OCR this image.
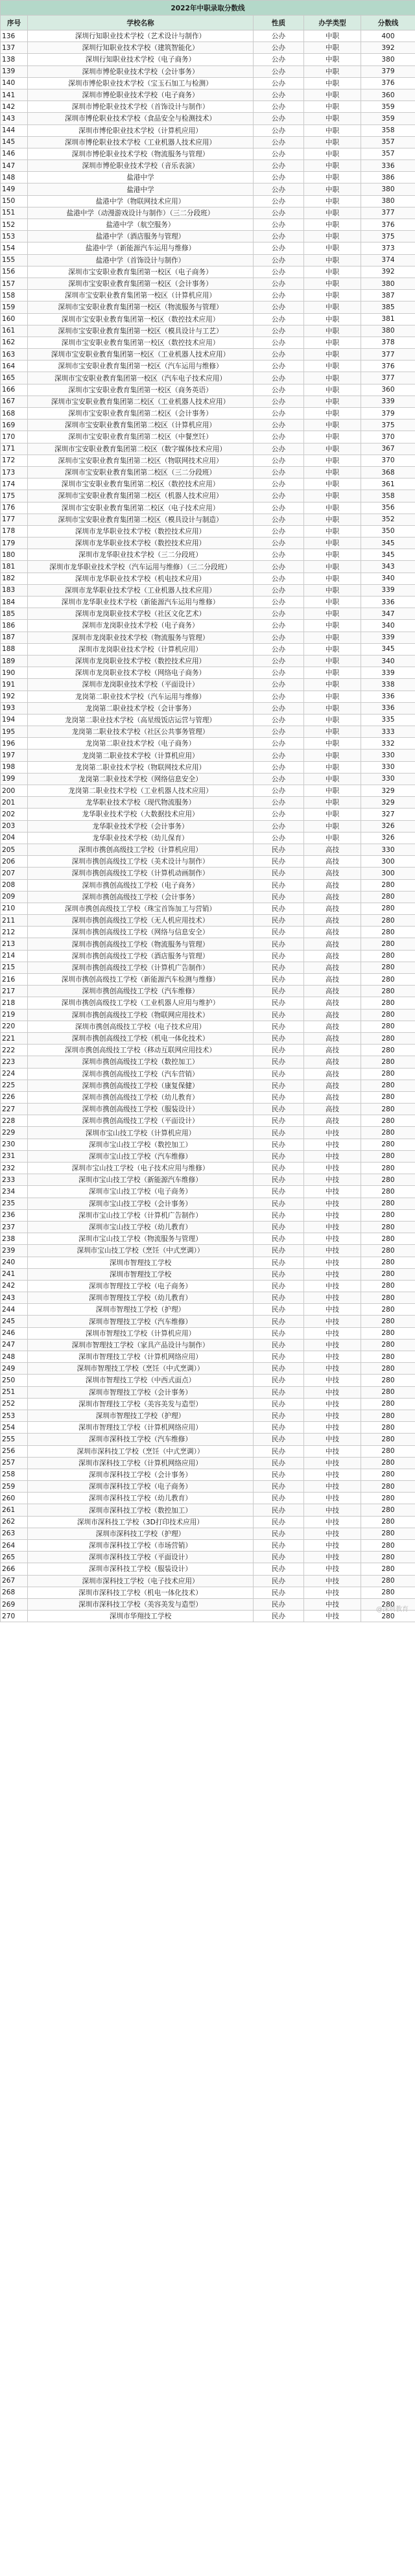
2022年中职录取分数线				
序号	学校名称	性质	办学类型	分数线
136	深圳行知职业技术学校（艺术设计与制作）	公办	中职	400
137	深圳行知职业技术学校（建筑智能化）	公办	中职	392
138	深圳行知职业技术学校（电子商务）	公办	中职	380
139	深圳市博伦职业技术学校（会计事务）	公办	中职	379
140	深圳市博伦职业技术学校（宝玉石加工与检测）	公办	中职	376
141	深圳市博伦职业技术学校（电子商务）	公办	中职	360
142	深圳市博伦职业技术学校（首饰设计与制作）	公办	中职	359
143	深圳市博伦职业技术学校（食品安全与检测技术）	公办	中职	359
144	深圳市博伦职业技术学校（计算机应用）	公办	中职	358
145	深圳市博伦职业技术学校（工业机器人技术应用）	公办	中职	357
146	深圳市博伦职业技术学校（物流服务与管理）	公办	中职	357
147	深圳市博伦职业技术学校（音乐表演）	公办	中职	336
148	盐港中学	公办	中职	386
149	盐港中学	公办	中职	380
150	盐港中学（物联网技术应用）	公办	中职	380
151	盐港中学（动漫游戏设计与制作）（三二分段班）	公办	中职	377
152	盐港中学（航空服务）	公办	中职	376
153	盐港中学（酒店服务与管理）	公办	中职	375
154	盐港中学（新能源汽车运用与维修）	公办	中职	373
155	盐港中学（首饰设计与制作）	公办	中职	374
156	深圳市宝安职业教育集团第一校区（电子商务）	公办	中职	392
157	深圳市宝安职业教育集团第一校区（会计事务）	公办	中职	380
158	深圳市宝安职业教育集团第一校区（计算机应用）	公办	中职	387
159	深圳市宝安职业教育集团第一校区（物流服务与管理）	公办	中职	385
160	深圳市宝安职业教育集团第一校区（数控技术应用）	公办	中职	381
161	深圳市宝安职业教育集团第一校区（模具设计与工艺）	公办	中职	380
162	深圳市宝安职业教育集团第一校区（数控技术应用）	公办	中职	378
163	深圳市宝安职业教育集团第一校区（工业机器人技术应用）	公办	中职	377
164	深圳市宝安职业教育集团第一校区（汽车运用与维修）	公办	中职	376
165	深圳市宝安职业教育集团第一校区（汽车电子技术应用）	公办	中职	377
166	深圳市宝安职业教育集团第一校区（商务英语）	公办	中职	360
167	深圳市宝安职业教育集团第二校区（工业机器人技术应用）	公办	中职	339
168	深圳市宝安职业教育集团第二校区（会计事务）	公办	中职	379
169	深圳市宝安职业教育集团第二校区（计算机应用）	公办	中职	375
170	深圳市宝安职业教育集团第二校区（中餐烹饪）	公办	中职	370
171	深圳市宝安职业教育集团第二校区（数字媒体技术应用）	公办	中职	367
172	深圳市宝安职业教育集团第二校区（物联网技术应用）	公办	中职	370
173	深圳市宝安职业教育集团第二校区（三二分段班）	公办	中职	368
174	深圳市宝安职业教育集团第二校区（数控技术应用）	公办	中职	361
175	深圳市宝安职业教育集团第二校区（机器人技术应用）	公办	中职	358
176	深圳市宝安职业教育集团第二校区（电子技术应用）	公办	中职	356
177	深圳市宝安职业教育集团第二校区（模具设计与制造）	公办	中职	352
178	深圳市龙华职业技术学校（数控技术应用）	公办	中职	350
179	深圳市龙华职业技术学校（数控技术应用）	公办	中职	345
180	深圳市龙华职业技术学校（三二分段班）	公办	中职	345
181	深圳市龙华职业技术学校（汽车运用与维修）（三二分段班）	公办	中职	343
182	深圳市龙华职业技术学校（机电技术应用）	公办	中职	340
183	深圳市龙华职业技术学校（工业机器人技术应用）	公办	中职	339
184	深圳市龙华职业技术学校（新能源汽车运用与维修）	公办	中职	336
185	深圳市龙岗职业技术学校（社区文化艺术）	公办	中职	347
186	深圳市龙岗职业技术学校（电子商务）	公办	中职	340
187	深圳市龙岗职业技术学校（物流服务与管理）	公办	中职	339
188	深圳市龙岗职业技术学校（计算机应用）	公办	中职	345
189	深圳市龙岗职业技术学校（数控技术应用）	公办	中职	340
190	深圳市龙岗职业技术学校（网络电子商务）	公办	中职	339
191	深圳市龙岗职业技术学校（平面设计）	公办	中职	338
192	龙岗第二职业技术学校（汽车运用与维修）	公办	中职	336
193	龙岗第二职业技术学校（会计事务）	公办	中职	336
194	龙岗第二职业技术学校（高星级饭店运营与管理）	公办	中职	335
195	龙岗第二职业技术学校（社区公共事务管理）	公办	中职	333
196	龙岗第二职业技术学校（电子商务）	公办	中职	332
197	龙岗第二职业技术学校（计算机应用）	公办	中职	330
198	龙岗第二职业技术学校（物联网技术应用）	公办	中职	330
199	龙岗第二职业技术学校（网络信息安全）	公办	中职	330
200	龙岗第二职业技术学校（工业机器人技术应用）	公办	中职	329
201	龙华职业技术学校（现代物流服务）	公办	中职	329
202	龙华职业技术学校（大数据技术应用）	公办	中职	327
203	龙华职业技术学校（会计事务）	公办	中职	326
204	龙华职业技术学校（幼儿保育）	公办	中职	326
205	深圳市携创高级技工学校（计算机应用）	民办	高技	330
206	深圳市携创高级技工学校（美术设计与制作）	民办	高技	300
207	深圳市携创高级技工学校（计算机动画制作）	民办	高技	300
208	深圳市携创高级技工学校（电子商务）	民办	高技	280
209	深圳市携创高级技工学校（会计事务）	民办	高技	280
210	深圳市携创高级技工学校（珠宝首饰加工与营销）	民办	高技	280
211	深圳市携创高级技工学校（无人机应用技术）	民办	高技	280
212	深圳市携创高级技工学校（网络与信息安全）	民办	高技	280
213	深圳市携创高级技工学校（物流服务与管理）	民办	高技	280
214	深圳市携创高级技工学校（酒店服务与管理）	民办	高技	280
215	深圳市携创高级技工学校（计算机广告制作）	民办	高技	280
216	深圳市携创高级技工学校（新能源汽车检测与维修）	民办	高技	280
217	深圳市携创高级技工学校（汽车维修）	民办	高技	280
218	深圳市携创高级技工学校（工业机器人应用与维护）	民办	高技	280
219	深圳市携创高级技工学校（物联网应用技术）	民办	高技	280
220	深圳市携创高级技工学校（电子技术应用）	民办	高技	280
221	深圳市携创高级技工学校（机电一体化技术）	民办	高技	280
222	深圳市携创高级技工学校（移动互联网应用技术）	民办	高技	280
223	深圳市携创高级技工学校（数控加工）	民办	高技	280
224	深圳市携创高级技工学校（汽车营销）	民办	高技	280
225	深圳市携创高级技工学校（康复保健）	民办	高技	280
226	深圳市携创高级技工学校（幼儿教育）	民办	高技	280
227	深圳市携创高级技工学校（服装设计）	民办	高技	280
228	深圳市携创高级技工学校（平面设计）	民办	高技	280
229	深圳市宝山技工学校（计算机应用）	民办	中技	280
230	深圳市宝山技工学校（数控加工）	民办	中技	280
231	深圳市宝山技工学校（汽车维修）	民办	中技	280
232	深圳市宝山技工学校（电子技术应用与维修）	民办	中技	280
233	深圳市宝山技工学校（新能源汽车维修）	民办	中技	280
234	深圳市宝山技工学校（电子商务）	民办	中技	280
235	深圳市宝山技工学校（会计事务）	民办	中技	280
236	深圳市宝山技工学校（计算机广告制作）	民办	中技	280
237	深圳市宝山技工学校（幼儿教育）	民办	中技	280
238	深圳市宝山技工学校（物流服务与管理）	民办	中技	280
239	深圳市宝山技工学校（烹饪（中式烹调））	民办	中技	280
240	深圳市智理技工学校	民办	中技	280
241	深圳市智理技工学校	民办	中技	280
242	深圳市智理技工学校（电子商务）	民办	中技	280
243	深圳市智理技工学校（幼儿教育）	民办	中技	280
244	深圳市智理技工学校（护理）	民办	中技	280
245	深圳市智理技工学校（汽车维修）	民办	中技	280
246	深圳市智理技工学校（计算机应用）	民办	中技	280
247	深圳市智理技工学校（家具产品设计与制作）	民办	中技	280
248	深圳市智理技工学校（计算机网络应用）	民办	中技	280
249	深圳市智理技工学校（烹饪（中式烹调））	民办	中技	280
250	深圳市智理技工学校（中西式面点）	民办	中技	280
251	深圳市智理技工学校（会计事务）	民办	中技	280
252	深圳市智理技工学校（美容美发与造型）	民办	中技	280
253	深圳市智理技工学校（护理）	民办	中技	280
254	深圳市智理技工学校（计算机网络应用）	民办	中技	280
255	深圳市深科技工学校（汽车维修）	民办	中技	280
256	深圳市深科技工学校（烹饪（中式烹调））	民办	中技	280
257	深圳市深科技工学校（计算机网络应用）	民办	中技	280
258	深圳市深科技工学校（会计事务）	民办	中技	280
259	深圳市深科技工学校（电子商务）	民办	中技	280
260	深圳市深科技工学校（幼儿教育）	民办	中技	280
261	深圳市深科技工学校（数控加工）	民办	中技	280
262	深圳市深科技工学校（3D打印技术应用）	民办	中技	280
263	深圳市深科技工学校（护理）	民办	中技	280
264	深圳市深科技工学校（市场营销）	民办	中技	280
265	深圳市深科技工学校（平面设计）	民办	中技	280
266	深圳市深科技工学校（服装设计）	民办	中技	280
267	深圳市深科技工学校（电子技术应用）	民办	中技	280
268	深圳市深科技工学校（机电一体化技术）	民办	中技	280
269	深圳市深科技工学校（美容美发与造型）	民办	中技	280
270	深圳市华翔技工学校	民办	中技	280
@深圳教育
